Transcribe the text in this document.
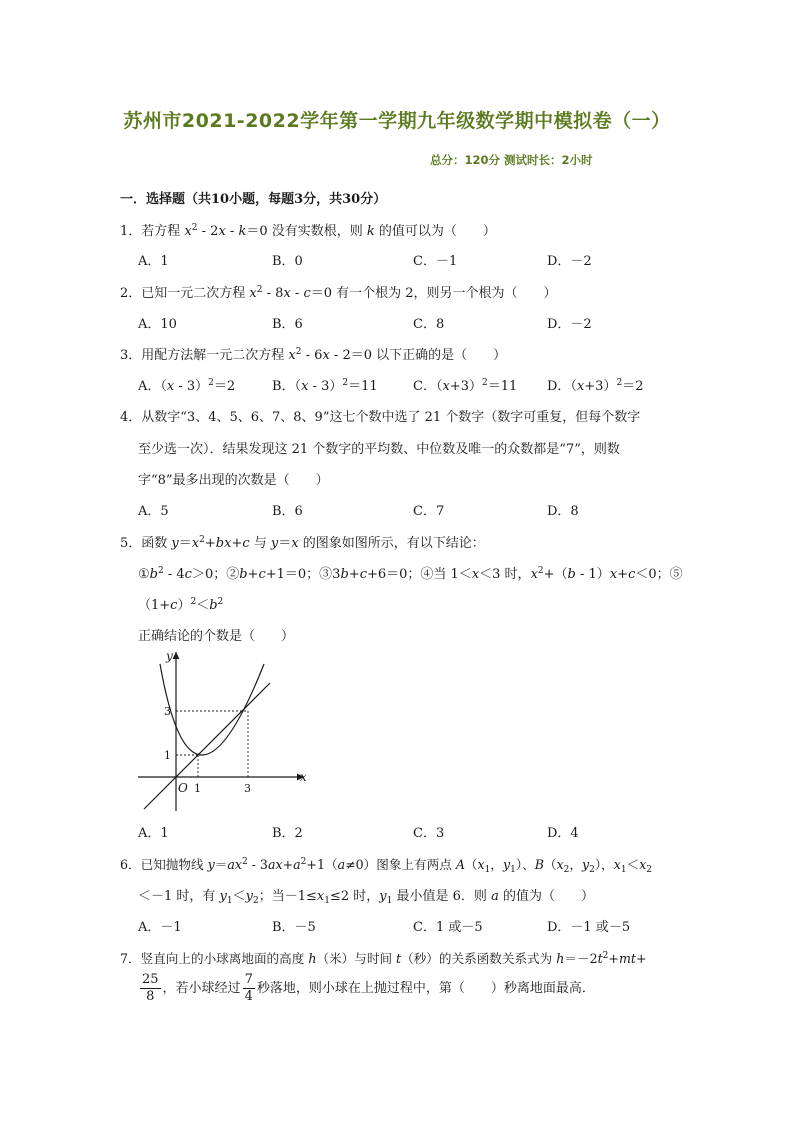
苏州市2021-2022学年第一学期九年级数学期中模拟卷（一）
总分：120分 测试时长：2小时
一．选择题（共10小题，每题3分，共30分）
1．若方程 $x^2 - 2x - k=0$ 没有实数根，则 k 的值可以为（　　）
A．1	B．0	C．－1	D．－2
2．已知一元二次方程 $x^2 - 8x - c=0$ 有一个根为 2，则另一个根为（　　）
A．10	B．6	C．8	D．－2
3．用配方法解一元二次方程 $x^2 - 6x - 2=0$ 以下正确的是（　　）
A．（x - 3）$^2$＝2	B．（x - 3）$^2$＝11	C．$(x+3)^2=11$ D．$(x+3)^2=2$
4．从数字“3、4、5、6、7、8、9”这七个数中选了 21 个数字（数字可重复，但每个数字
至少选一次）．结果发现这 21 个数字的平均数、中位数及唯一的众数都是“7”，则数
字“8”最多出现的次数是（　　）
A．5	B．6	C．7	D．8
5．函数 $y=x^2+bx+c$ 与 y＝x 的图象如图所示，有以下结论：
$①b^2 - 4c>0$；②b+c+1＝0；③3b+c+6＝0；④当 1＜x＜3 时，$x^2+(b - 1)x+c<0$；⑤
$(1+c)^2<b^2$
正确结论的个数是（　　）
y
x
O 1	3
1
3
A．1	B．2	C．3	D．4
6．已知抛物线 $y=ax^2 - 3ax+a^2+1(a\ne 0)$图象上有两点 $A(x_1$，$y_1$）、$B(x_2$，$y_2$），$x_1<x_2$
＜－1 时，有 $y_1<y_2$；当$-1\le x_1\le 2$ 时，$y_1$ 最小值是 6．则 a 的值为（　　）
A．－1	B．－5	C．1 或－5	D．－1 或－5
7．竖直向上的小球离地面的高度 h（米）与时间 t（秒）的关系函数关系式为 $h=-2t^2+mt+$
$\frac{25}{8}$ ，若小球经过 $\frac{7}{4}$ 秒落地，则小球在上抛过程中，第（　　）秒离地面最高．
